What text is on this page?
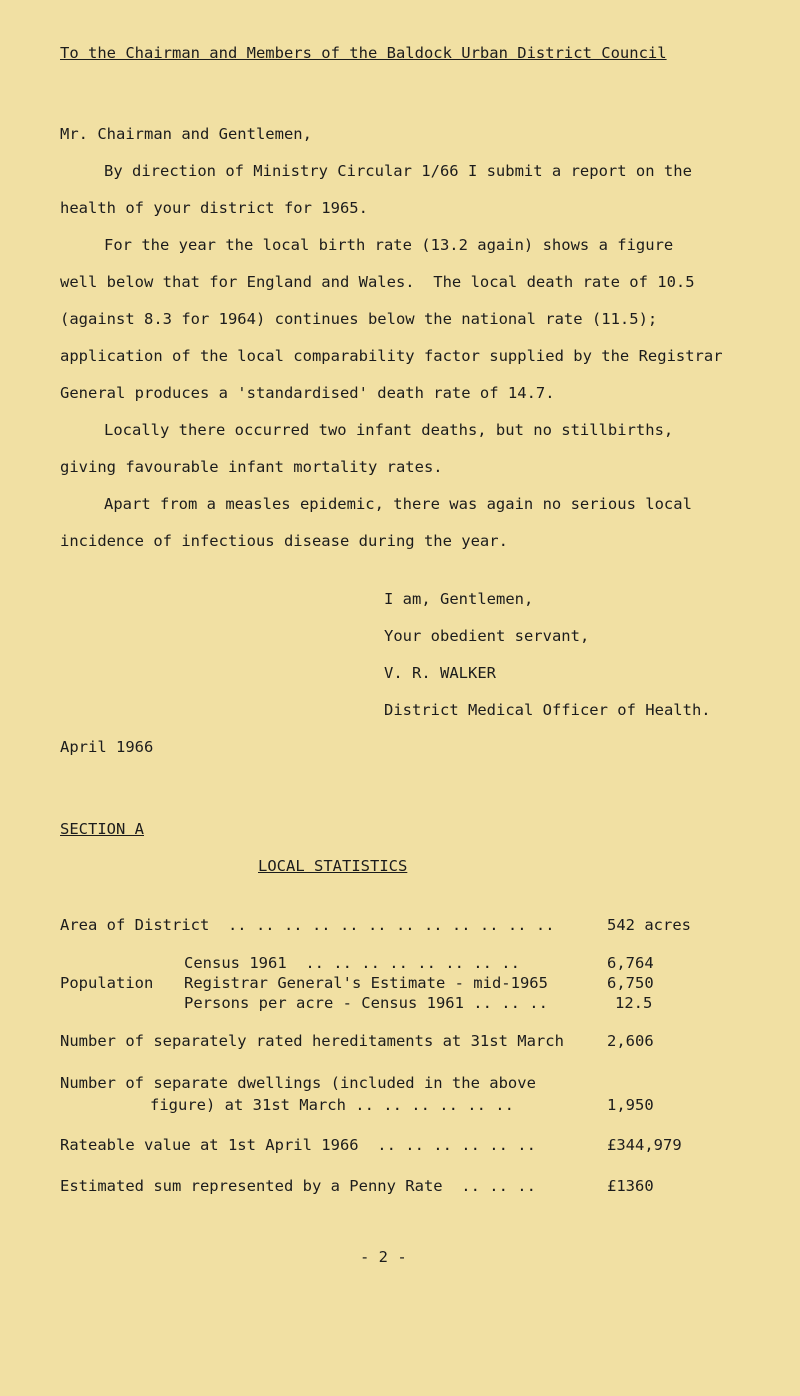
To the Chairman and Members of the Baldock Urban District Council
Mr. Chairman and Gentlemen,
By direction of Ministry Circular 1/66 I submit a report on the
health of your district for 1965.
For the year the local birth rate (13.2 again) shows a figure
well below that for England and Wales.  The local death rate of 10.5
(against 8.3 for 1964) continues below the national rate (11.5);
application of the local comparability factor supplied by the Registrar
General produces a 'standardised' death rate of 14.7.
Locally there occurred two infant deaths, but no stillbirths,
giving favourable infant mortality rates.
Apart from a measles epidemic, there was again no serious local
incidence of infectious disease during the year.
I am, Gentlemen,
Your obedient servant,
V. R. WALKER
District Medical Officer of Health.
April 1966
SECTION A
LOCAL STATISTICS
Area of District  .. .. .. .. .. .. .. .. .. .. .. ..	542 acres
Population
Census 1961  .. .. .. .. .. .. .. ..	6,764
Registrar General's Estimate - mid-1965	6,750
Persons per acre - Census 1961 .. .. ..	12.5
Number of separately rated hereditaments at 31st March	2,606
Number of separate dwellings (included in the above
figure) at 31st March .. .. .. .. .. ..	1,950
Rateable value at 1st April 1966  .. .. .. .. .. ..	£344,979
Estimated sum represented by a Penny Rate  .. .. ..	£1360
- 2 -
